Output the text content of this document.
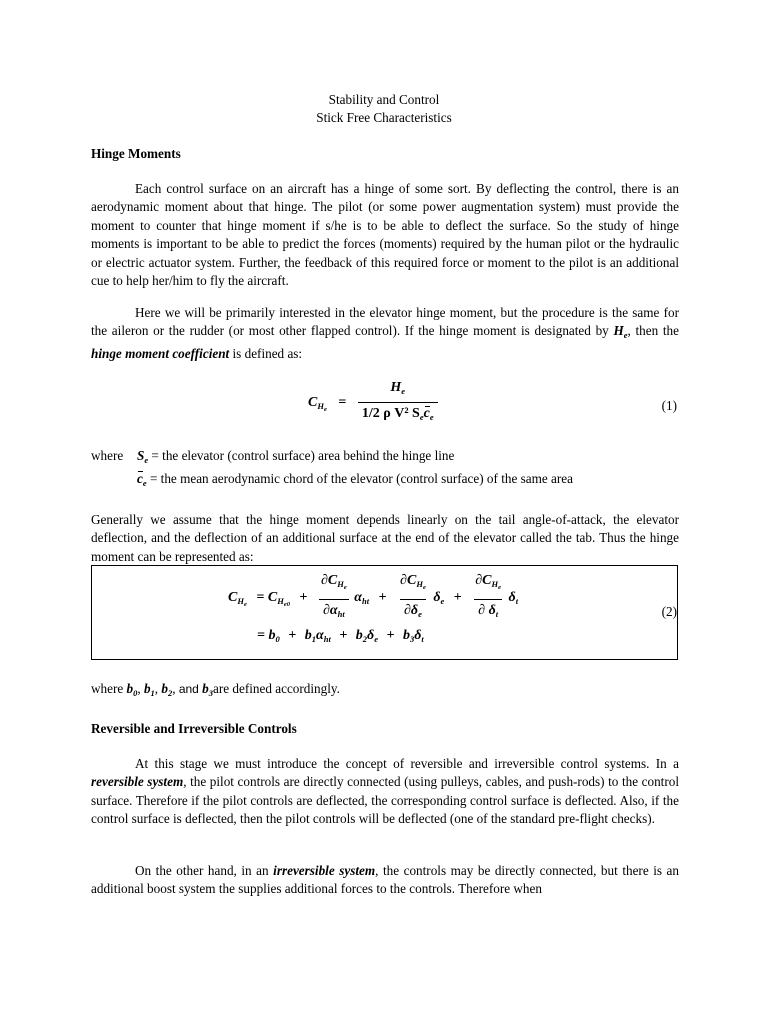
Stability and Control
Stick Free Characteristics
Hinge Moments

Each control surface on an aircraft has a hinge of some sort. By deflecting the control, there is an aerodynamic moment about that hinge. The pilot (or some power augmentation system) must provide the moment to counter that hinge moment if s/he is to be able to deflect the surface. So the study of hinge moments is important to be able to predict the forces (moments) required by the human pilot or the hydraulic or electric actuator system. Further, the feedback of this required force or moment to the pilot is an additional cue to help her/him to fly the aircraft.

Here we will be primarily interested in the elevator hinge moment, but the procedure is the same for the aileron or the rudder (or most other flapped control). If the hinge moment is designated by $H_e$, then the hinge moment coefficient is defined as:

$C_{H_e} = \frac{H_e}{1/2 \rho V^2 S_ec_e}$	(1)
where $S_e$ = the elevator (control surface) area behind the hinge line
$c_e$ = the mean aerodynamic chord of the elevator (control surface) of the same area

Generally we assume that the hinge moment depends linearly on the tail angle-of-attack, the elevator deflection, and the deflection of an additional surface at the end of the elevator called the tab. Thus the hinge moment can be represented as:

$C_{H_e} = C_{H_{e0}} + \frac{\partial C_{H_e}}{\partial\alpha_{ht}} \alpha_{ht} + \frac{\partial C_{H_e}}{\partial\delta_e} \delta_e + \frac{\partial C_{H_e}}{\partial \delta_t} \delta_t$
(2)
= $b_0 + b_1\alpha_{ht} + b_2\delta_e + b_3\delta_t$
where $b_0$, $b_1$, $b_2$, and $b_3are$ defined accordingly.
Reversible and Irreversible Controls

At this stage we must introduce the concept of reversible and irreversible control systems. In a reversible system, the pilot controls are directly connected (using pulleys, cables, and push-rods) to the control surface. Therefore if the pilot controls are deflected, the corresponding control surface is deflected. Also, if the control surface is deflected, then the pilot controls will be deflected (one of the standard pre-flight checks).

On the other hand, in an irreversible system, the controls may be directly connected, but there is an additional boost system the supplies additional forces to the controls. Therefore when
